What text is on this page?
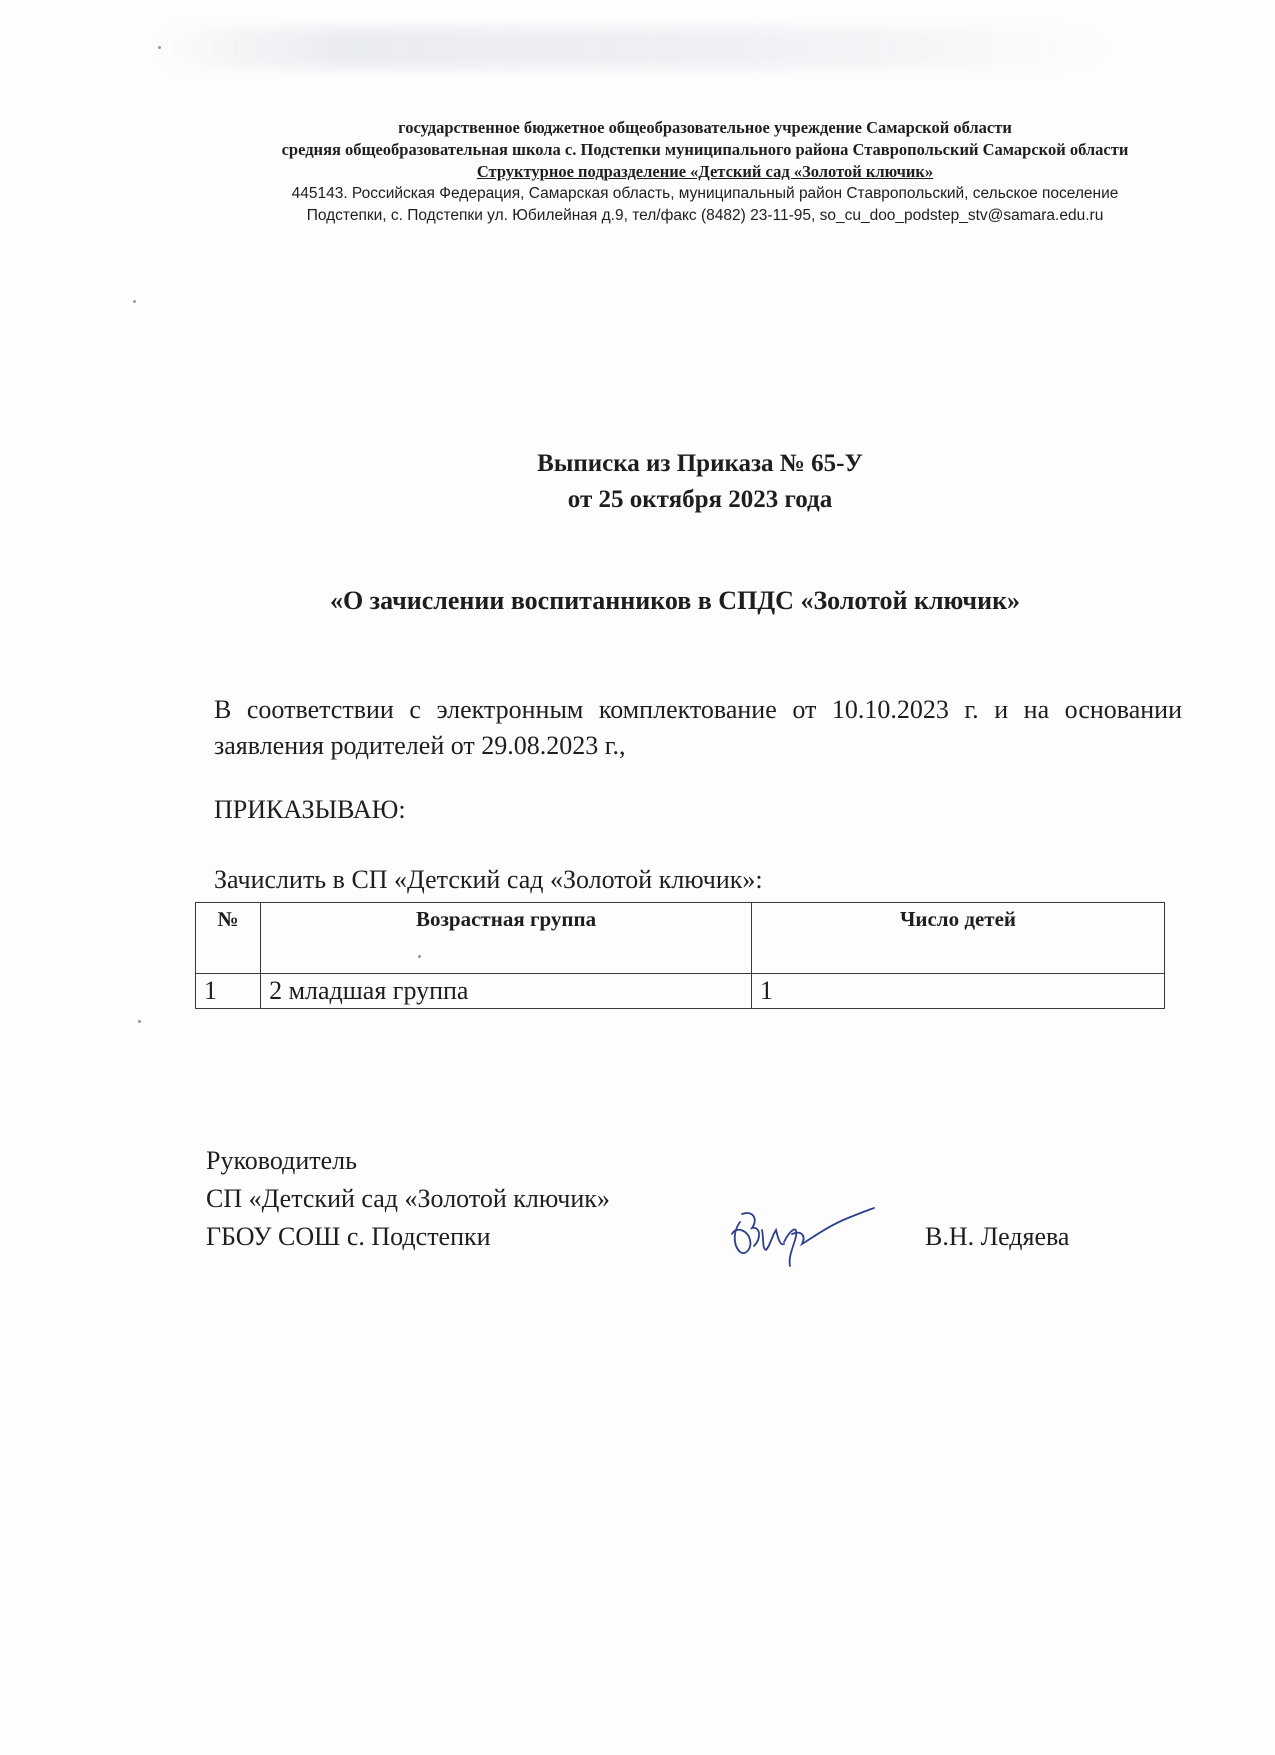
государственное бюджетное общеобразовательное учреждение Самарской области
средняя общеобразовательная школа с. Подстепки муниципального района Ставропольский Самарской области
Структурное подразделение «Детский сад «Золотой ключик»
445143. Российская Федерация, Самарская область, муниципальный район Ставропольский, сельское поселение
Подстепки, с. Подстепки ул. Юбилейная д.9, тел/факс (8482) 23-11-95, so_cu_doo_podstep_stv@samara.edu.ru
Выписка из Приказа № 65-У
от 25 октября 2023 года
«О зачислении воспитанников в СПДС «Золотой ключик»
В соответствии с электронным комплектование от 10.10.2023 г. и на основании заявления родителей от 29.08.2023 г.,
ПРИКАЗЫВАЮ:
Зачислить в СП «Детский сад «Золотой ключик»:
№	Возрастная группа	Число детей
1	2 младшая группа	1
Руководитель
СП «Детский сад «Золотой ключик»
ГБОУ СОШ с. Подстепки	В.Н. Ледяева
